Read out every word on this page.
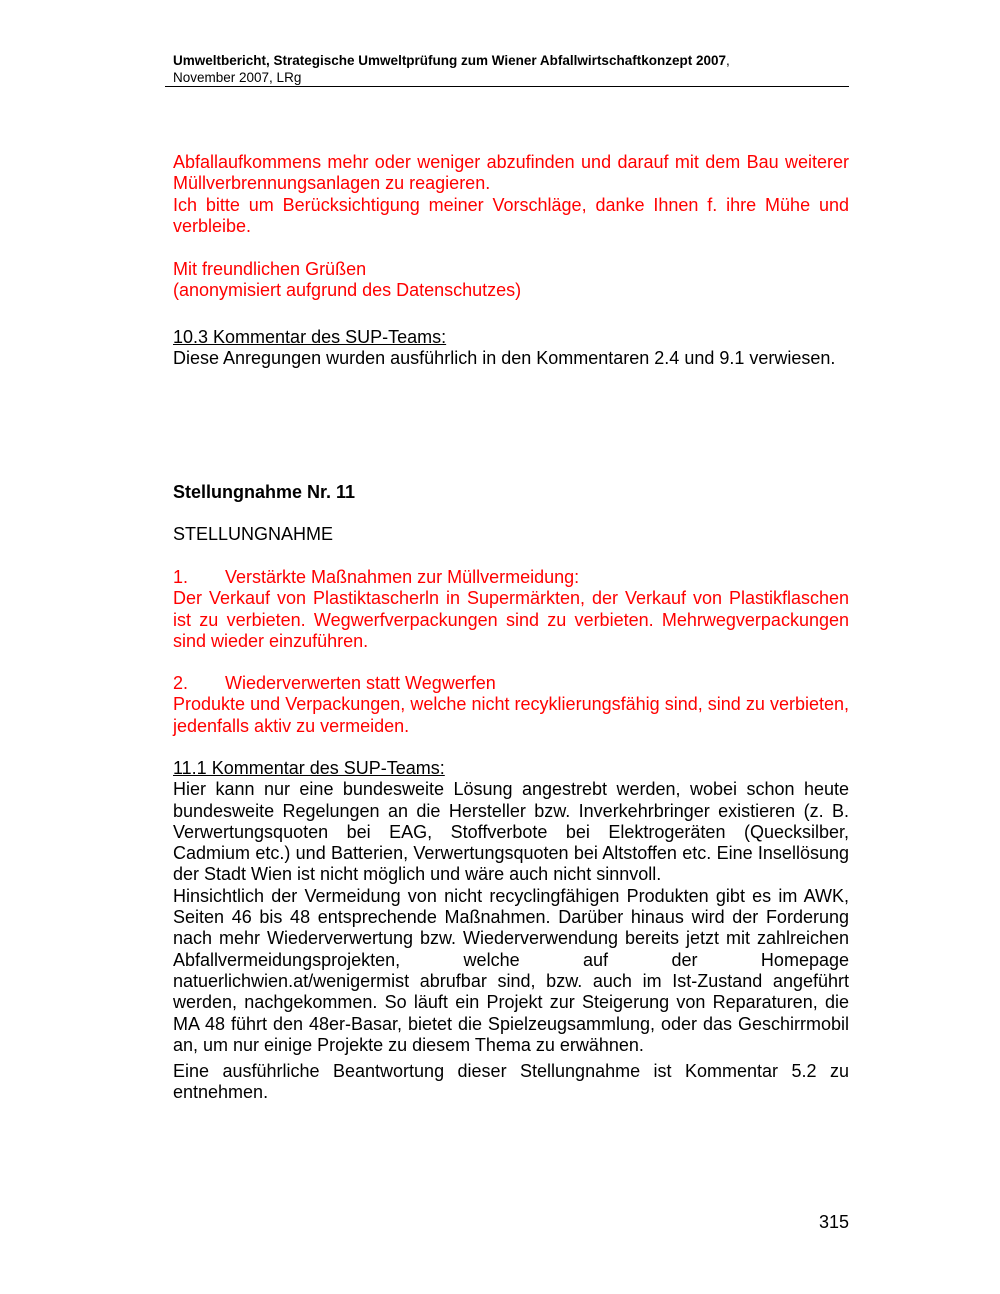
Umweltbericht, Strategische Umweltprüfung zum Wiener Abfallwirtschaftkonzept 2007,
November 2007, LRg
Abfallaufkommens mehr oder weniger abzufinden und darauf mit dem Bau weiterer Müllverbrennungsanlagen zu reagieren.
Ich bitte um Berücksichtigung meiner Vorschläge, danke Ihnen f. ihre Mühe und verbleibe.
Mit freundlichen Grüßen
(anonymisiert aufgrund des Datenschutzes)
10.3 Kommentar des SUP-Teams:
Diese Anregungen wurden ausführlich in den Kommentaren 2.4 und 9.1 verwiesen.
Stellungnahme Nr. 11
STELLUNGNAHME
1. Verstärkte Maßnahmen zur Müllvermeidung:
Der Verkauf von Plastiktascherln in Supermärkten, der Verkauf von Plastikflaschen ist zu verbieten. Wegwerfverpackungen sind zu verbieten. Mehrwegverpackungen sind wieder einzuführen.
2. Wiederverwerten statt Wegwerfen
Produkte und Verpackungen, welche nicht recyklierungsfähig sind, sind zu verbieten, jedenfalls aktiv zu vermeiden.
11.1 Kommentar des SUP-Teams:
Hier kann nur eine bundesweite Lösung angestrebt werden, wobei schon heute bundesweite Regelungen an die Hersteller bzw. Inverkehrbringer existieren (z. B. Verwertungsquoten bei EAG, Stoffverbote bei Elektrogeräten (Quecksilber, Cadmium etc.) und Batterien, Verwertungsquoten bei Altstoffen etc. Eine Insellösung der Stadt Wien ist nicht möglich und wäre auch nicht sinnvoll.
Hinsichtlich der Vermeidung von nicht recyclingfähigen Produkten gibt es im AWK, Seiten 46 bis 48 entsprechende Maßnahmen. Darüber hinaus wird der Forderung nach mehr Wiederverwertung bzw. Wiederverwendung bereits jetzt mit zahlreichen Abfallvermeidungsprojekten, welche auf der Homepage natuerlichwien.at/wenigermist abrufbar sind, bzw. auch im Ist-Zustand angeführt werden, nachgekommen. So läuft ein Projekt zur Steigerung von Reparaturen, die MA 48 führt den 48er-Basar, bietet die Spielzeugsammlung, oder das Geschirrmobil an, um nur einige Projekte zu diesem Thema zu erwähnen.
Eine ausführliche Beantwortung dieser Stellungnahme ist Kommentar 5.2 zu entnehmen.
315
